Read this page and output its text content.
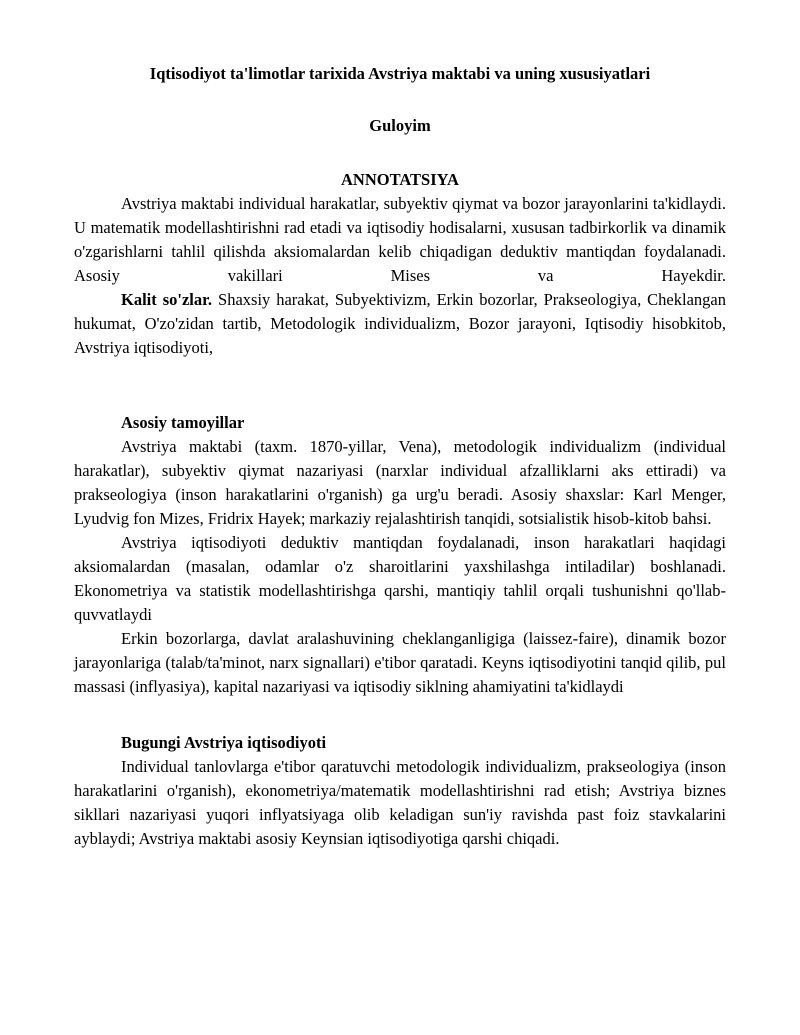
Iqtisodiyot ta'limotlar tarixida Avstriya maktabi va uning xususiyatlari
Guloyim
ANNOTATSIYA

Avstriya maktabi individual harakatlar, subyektiv qiymat va bozor jarayonlarini ta'kidlaydi. U matematik modellashtirishni rad etadi va iqtisodiy hodisalarni, xususan tadbirkorlik va dinamik o'zgarishlarni tahlil qilishda aksiomalardan kelib chiqadigan deduktiv mantiqdan foydalanadi. Asosiy vakillari Mises va Hayekdir.

Kalit so'zlar. Shaxsiy harakat, Subyektivizm, Erkin bozorlar, Prakseologiya, Cheklangan hukumat, O'zo'zidan tartib, Metodologik individualizm, Bozor jarayoni, Iqtisodiy hisobkitob, Avstriya iqtisodiyoti,

Asosiy tamoyillar

Avstriya maktabi (taxm. 1870-yillar, Vena), metodologik individualizm (individual harakatlar), subyektiv qiymat nazariyasi (narxlar individual afzalliklarni aks ettiradi) va prakseologiya (inson harakatlarini o'rganish) ga urg'u beradi. Asosiy shaxslar: Karl Menger, Lyudvig fon Mizes, Fridrix Hayek; markaziy rejalashtirish tanqidi, sotsialistik hisob-kitob bahsi.

Avstriya iqtisodiyoti deduktiv mantiqdan foydalanadi, inson harakatlari haqidagi aksiomalardan (masalan, odamlar o'z sharoitlarini yaxshilashga intiladilar) boshlanadi. Ekonometriya va statistik modellashtirishga qarshi, mantiqiy tahlil orqali tushunishni qo'llab-quvvatlaydi

Erkin bozorlarga, davlat aralashuvining cheklanganligiga (laissez-faire), dinamik bozor jarayonlariga (talab/ta'minot, narx signallari) e'tibor qaratadi. Keyns iqtisodiyotini tanqid qilib, pul massasi (inflyasiya), kapital nazariyasi va iqtisodiy siklning ahamiyatini ta'kidlaydi

Bugungi Avstriya iqtisodiyoti

Individual tanlovlarga e'tibor qaratuvchi metodologik individualizm, prakseologiya (inson harakatlarini o'rganish), ekonometriya/matematik modellashtirishni rad etish; Avstriya biznes sikllari nazariyasi yuqori inflyatsiyaga olib keladigan sun'iy ravishda past foiz stavkalarini ayblaydi; Avstriya maktabi asosiy Keynsian iqtisodiyotiga qarshi chiqadi.
